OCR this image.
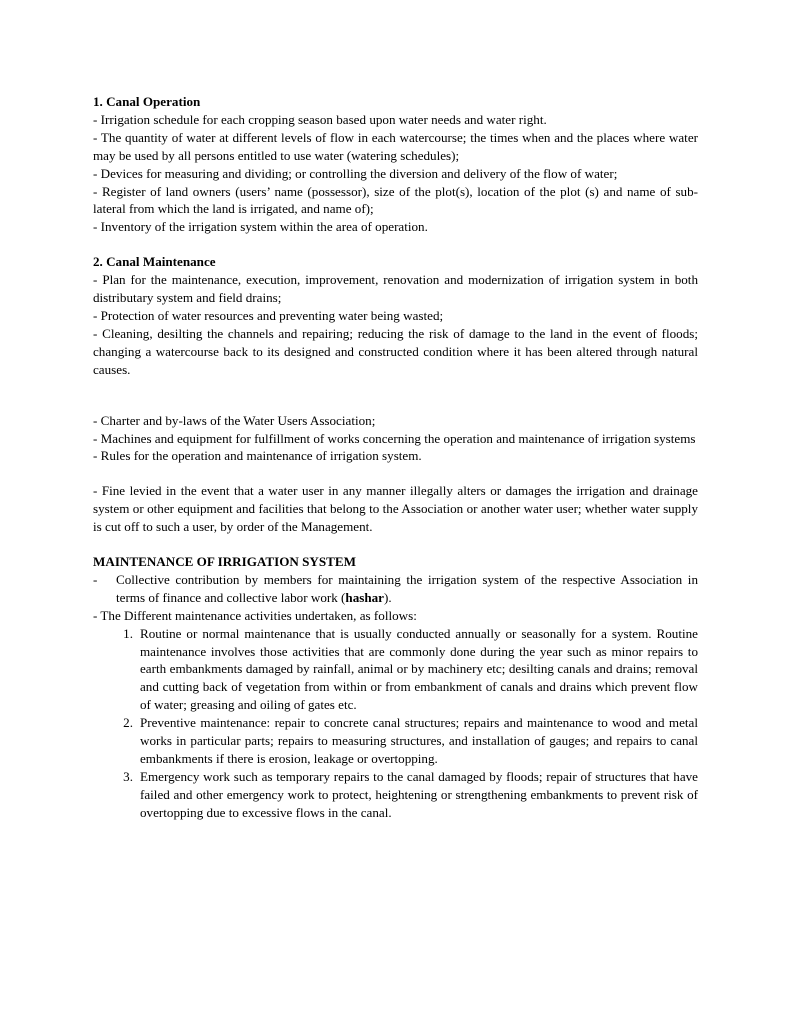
1. Canal Operation

- Irrigation schedule for each cropping season based upon water needs and water right.

- The quantity of water at different levels of flow in each watercourse; the times when and the places where water may be used by all persons entitled to use water (watering schedules);

- Devices for measuring and dividing; or controlling the diversion and delivery of the flow of water;

- Register of land owners (users’ name (possessor), size of the plot(s), location of the plot (s) and name of sub-lateral from which the land is irrigated, and name of);

- Inventory of the irrigation system within the area of operation.

2. Canal Maintenance

- Plan for the maintenance, execution, improvement, renovation and modernization of irrigation system in both distributary system and field drains;

- Protection of water resources and preventing water being wasted;

- Cleaning, desilting the channels and repairing; reducing the risk of damage to the land in the event of floods; changing a watercourse back to its designed and constructed condition where it has been altered through natural causes.

- Charter and by-laws of the Water Users Association;

- Machines and equipment for fulfillment of works concerning the operation and maintenance of irrigation systems

- Rules for the operation and maintenance of irrigation system.

- Fine levied in the event that a water user in any manner illegally alters or damages the irrigation and drainage system or other equipment and facilities that belong to the Association or another water user; whether water supply is cut off to such a user, by order of the Management.

MAINTENANCE OF IRRIGATION SYSTEM

-	Collective contribution by members for maintaining the irrigation system of the respective Association in terms of finance and collective labor work (hashar).

- The Different maintenance activities undertaken, as follows:

1. Routine or normal maintenance that is usually conducted annually or seasonally for a system. Routine maintenance involves those activities that are commonly done during the year such as minor repairs to earth embankments damaged by rainfall, animal or by machinery etc; desilting canals and drains; removal and cutting back of vegetation from within or from embankment of canals and drains which prevent flow of water; greasing and oiling of gates etc.
2. Preventive maintenance: repair to concrete canal structures; repairs and maintenance to wood and metal works in particular parts; repairs to measuring structures, and installation of gauges; and repairs to canal embankments if there is erosion, leakage or overtopping.
3. Emergency work such as temporary repairs to the canal damaged by floods; repair of structures that have failed and other emergency work to protect, heightening or strengthening embankments to prevent risk of overtopping due to excessive flows in the canal.
